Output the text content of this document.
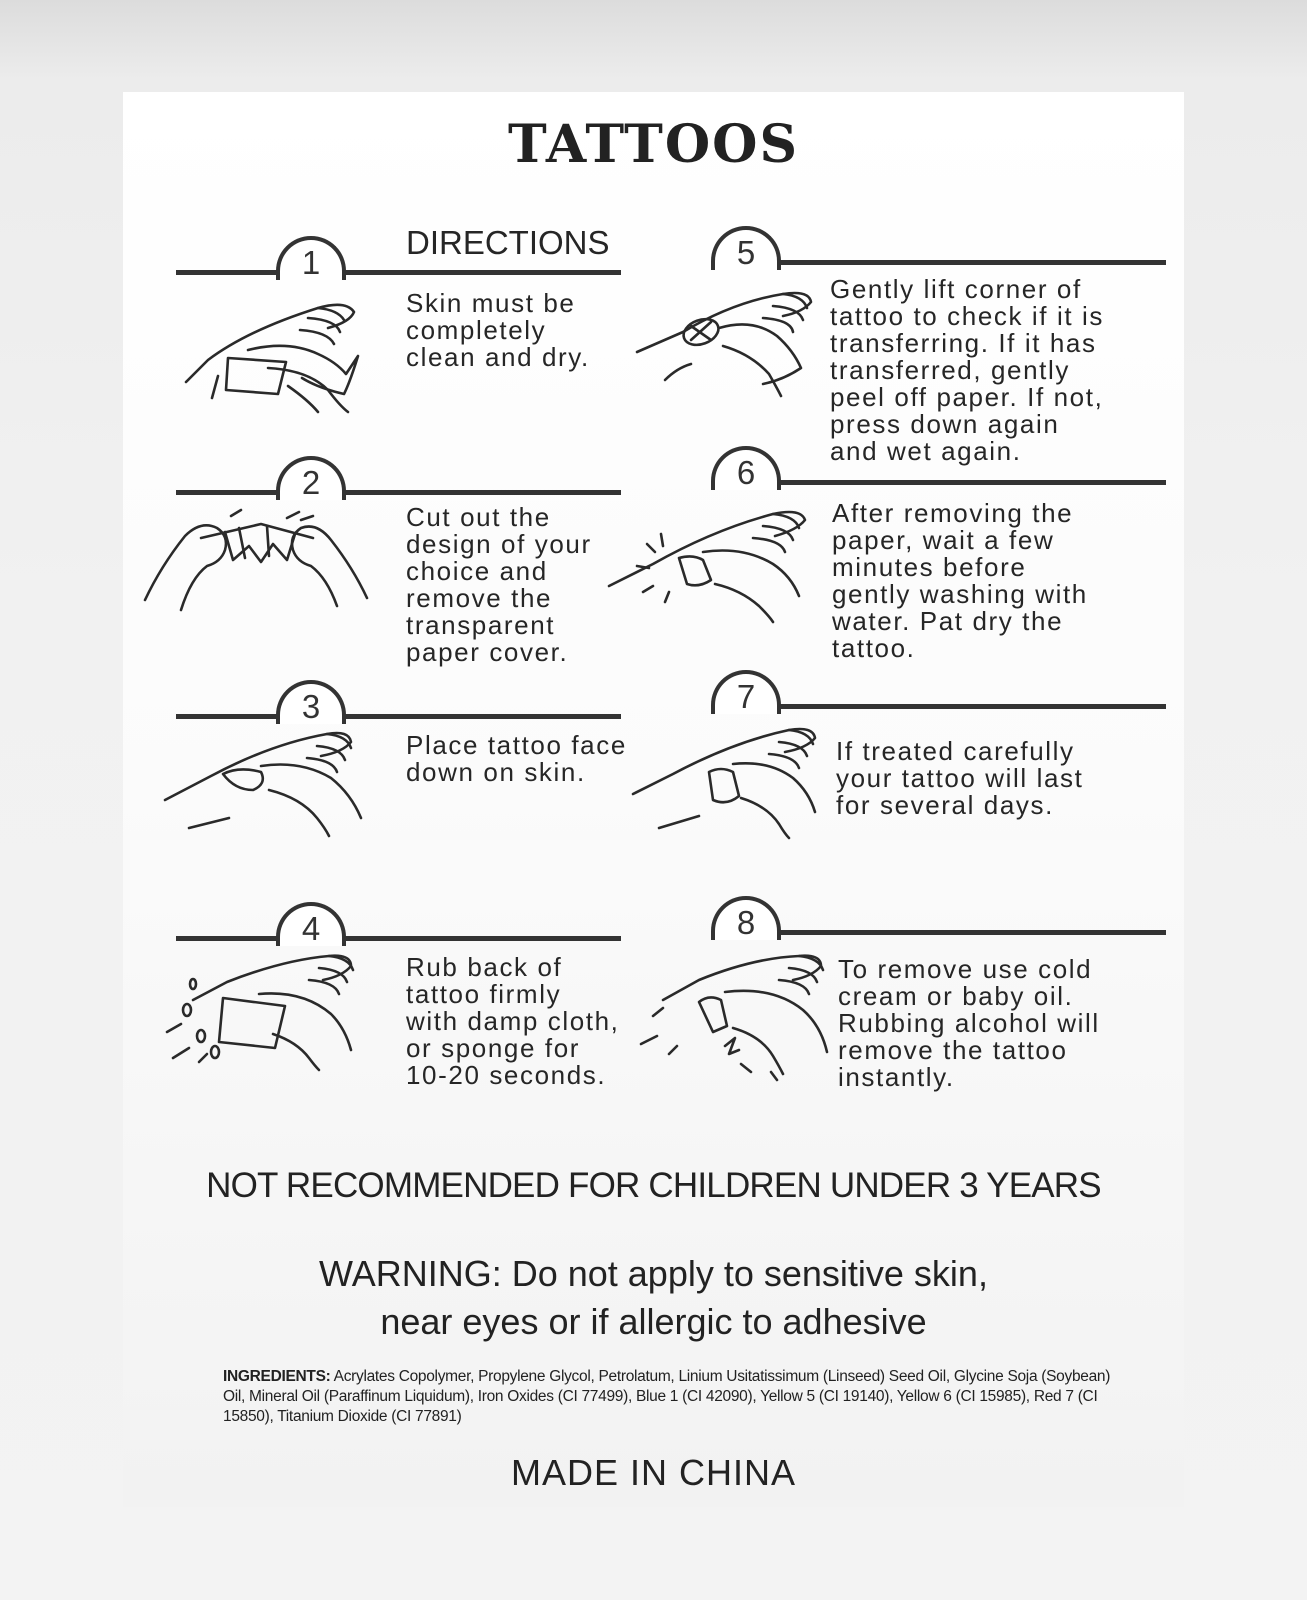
TATTOOS
DIRECTIONS
1	5
Skin must be
completely
clean and dry.
Gently lift corner of
tattoo to check if it is
transferring. If it has
transferred, gently
peel off paper. If not,
press down again
and wet again.
2	6
Cut out the
design of your
choice and
remove the
transparent
paper cover.
After removing the
paper, wait a few
minutes before
gently washing with
water. Pat dry the
tattoo.
3	7
Place tattoo face
down on skin.
If treated carefully
your tattoo will last
for several days.
4	8
Rub back of
tattoo firmly
with damp cloth,
or sponge for
10-20 seconds.
To remove use cold
cream or baby oil.
Rubbing alcohol will
remove the tattoo
instantly.
NOT RECOMMENDED FOR CHILDREN UNDER 3 YEARS
WARNING: Do not apply to sensitive skin,
near eyes or if allergic to adhesive
INGREDIENTS: Acrylates Copolymer, Propylene Glycol, Petrolatum, Linium Usitatissimum (Linseed) Seed Oil, Glycine Soja (Soybean) Oil, Mineral Oil (Paraffinum Liquidum), Iron Oxides (CI 77499), Blue 1 (CI 42090), Yellow 5 (CI 19140), Yellow 6 (CI 15985), Red 7 (CI 15850), Titanium Dioxide (CI 77891)
MADE IN CHINA
